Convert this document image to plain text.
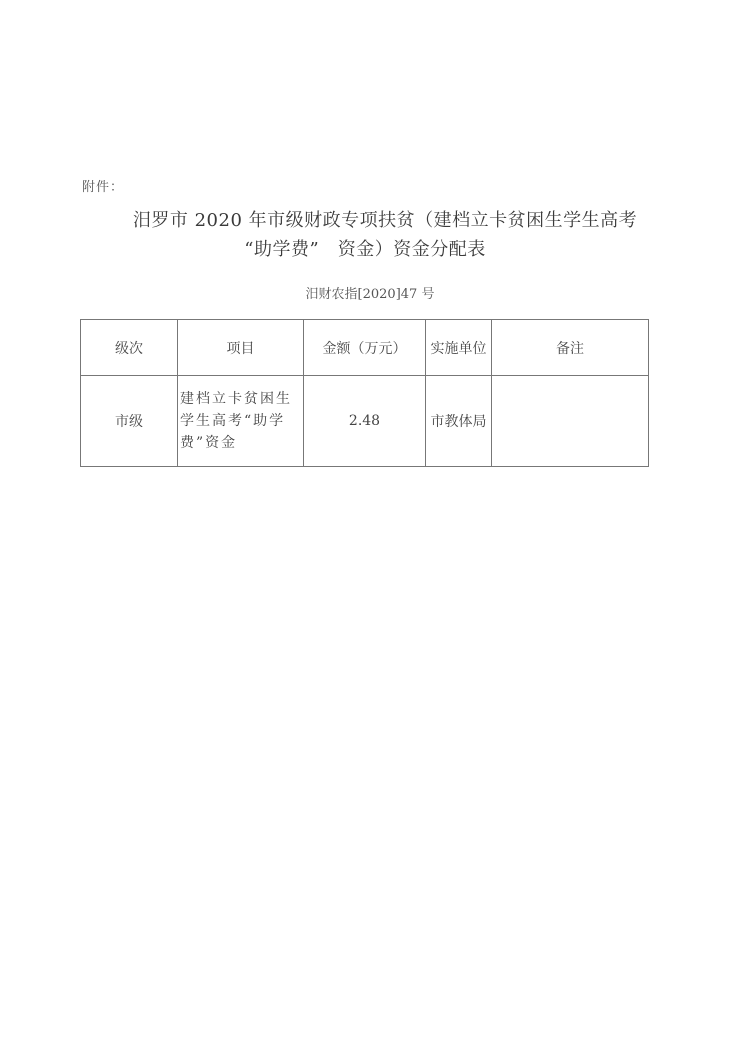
附件：
汨罗市 2020 年市级财政专项扶贫（建档立卡贫困生学生高考
“助学费”　资金）资金分配表
汨财农指[2020]47 号
级次	项目	金额（万元）	实施单位	备注
市级	建档立卡贫困生学生高考“助学费”资金	2.48	市教体局	
